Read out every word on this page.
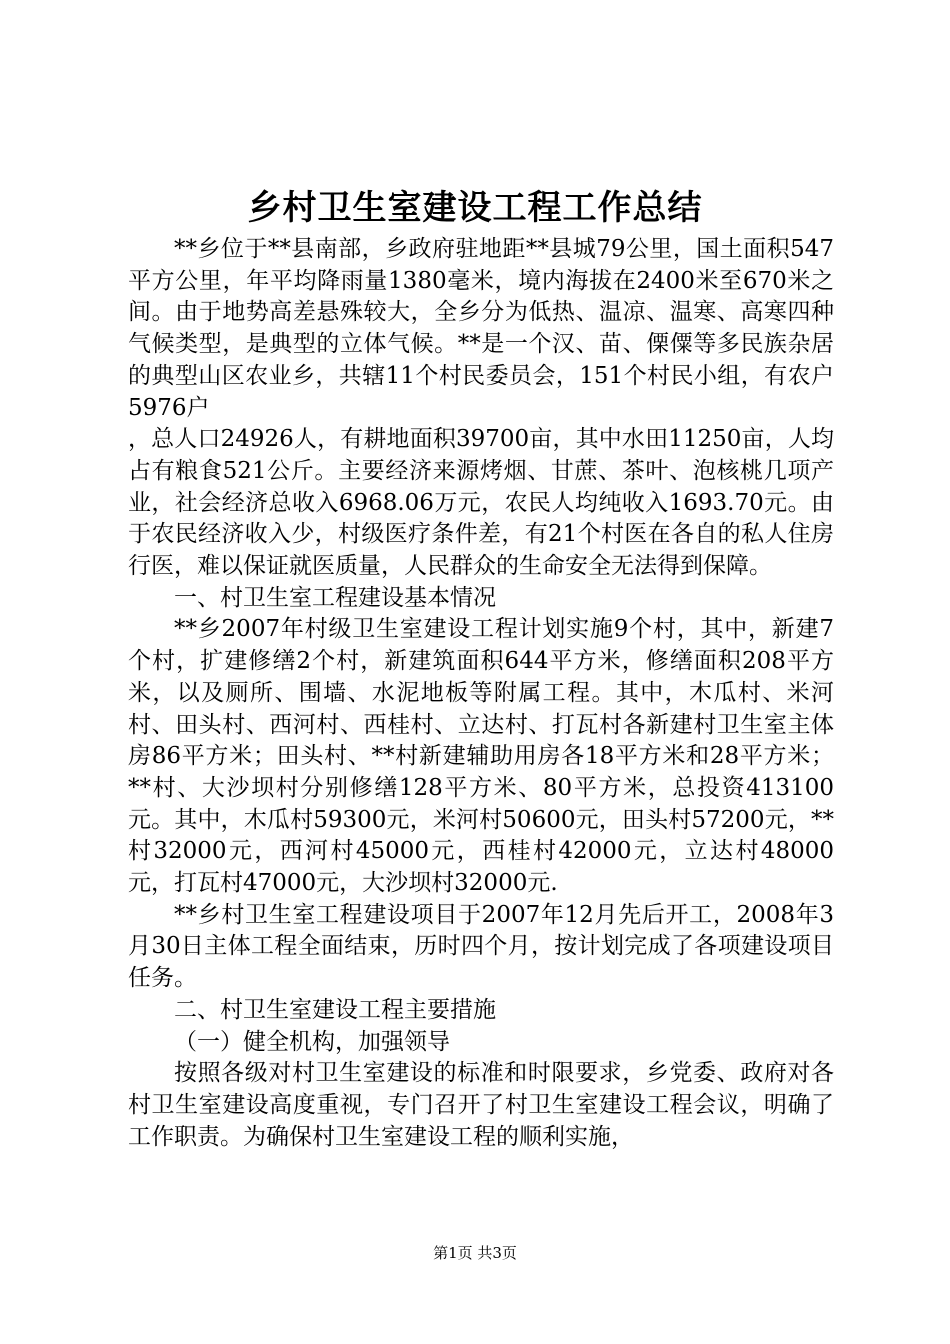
乡村卫生室建设工程工作总结

**乡位于**县南部，乡政府驻地距**县城79公里，国土面积547平方公里，年平均降雨量1380毫米，境内海拔在2400米至670米之间。由于地势高差悬殊较大，全乡分为低热、温凉、温寒、高寒四种气候类型，是典型的立体气候。**是一个汉、苗、傈僳等多民族杂居的典型山区农业乡，共辖11个村民委员会，151个村民小组，有农户5976户

，总人口24926人，有耕地面积39700亩，其中水田11250亩，人均占有粮食521公斤。主要经济来源烤烟、甘蔗、茶叶、泡核桃几项产业，社会经济总收入6968.06万元，农民人均纯收入1693.70元。由于农民经济收入少，村级医疗条件差，有21个村医在各自的私人住房行医，难以保证就医质量，人民群众的生命安全无法得到保障。

一、村卫生室工程建设基本情况

**乡2007年村级卫生室建设工程计划实施9个村，其中，新建7个村，扩建修缮2个村，新建筑面积644平方米，修缮面积208平方米，以及厕所、围墙、水泥地板等附属工程。其中，木瓜村、米河村、田头村、西河村、西桂村、立达村、打瓦村各新建村卫生室主体房86平方米；田头村、**村新建辅助用房各18平方米和28平方米；**村、大沙坝村分别修缮128平方米、80平方米，总投资413100元。其中，木瓜村59300元，米河村50600元，田头村57200元，**村32000元，西河村45000元，西桂村42000元，立达村48000元，打瓦村47000元，大沙坝村32000元.

**乡村卫生室工程建设项目于2007年12月先后开工，2008年3月30日主体工程全面结束，历时四个月，按计划完成了各项建设项目任务。

二、村卫生室建设工程主要措施

（一）健全机构，加强领导

按照各级对村卫生室建设的标准和时限要求，乡党委、政府对各村卫生室建设高度重视，专门召开了村卫生室建设工程会议，明确了工作职责。为确保村卫生室建设工程的顺利实施，

第1页 共3页
